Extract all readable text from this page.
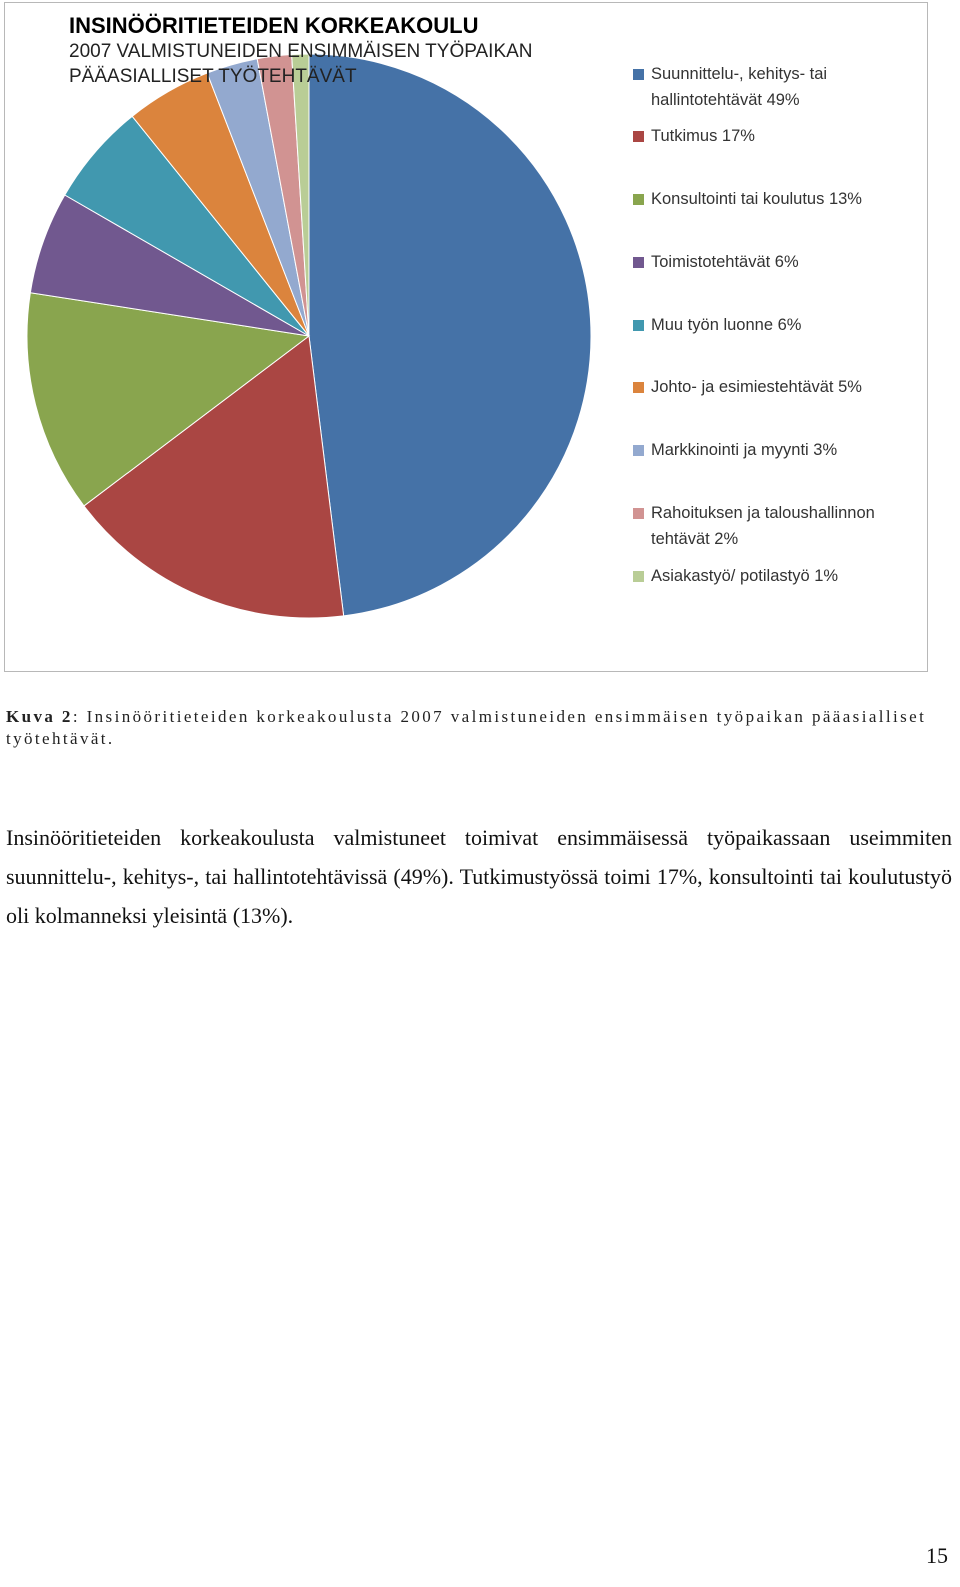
INSINÖÖRITIETEIDEN KORKEAKOULU
2007 VALMISTUNEIDEN ENSIMMÄISEN TYÖPAIKAN
PÄÄASIALLISET TYÖTEHTÄVÄT	Suunnittelu-, kehitys- tai
hallintotehtävät 49%
Tutkimus 17%
Konsultointi tai koulutus 13%
Toimistotehtävät 6%
Muu työn luonne 6%
Johto- ja esimiestehtävät 5%
Markkinointi ja myynti 3%
Rahoituksen ja taloushallinnon
tehtävät 2%
Asiakastyö/ potilastyö 1%
Kuva 2: Insinööritieteiden korkeakoulusta 2007 valmistuneiden ensimmäisen työpaikan pääasialliset työtehtävät.
Insinööritieteiden korkeakoulusta valmistuneet toimivat ensimmäisessä työpaikassaan useimmiten suunnittelu-, kehitys-, tai hallintotehtävissä (49%). Tutkimustyössä toimi 17%, konsultointi tai koulutustyö oli kolmanneksi yleisintä (13%).
15
